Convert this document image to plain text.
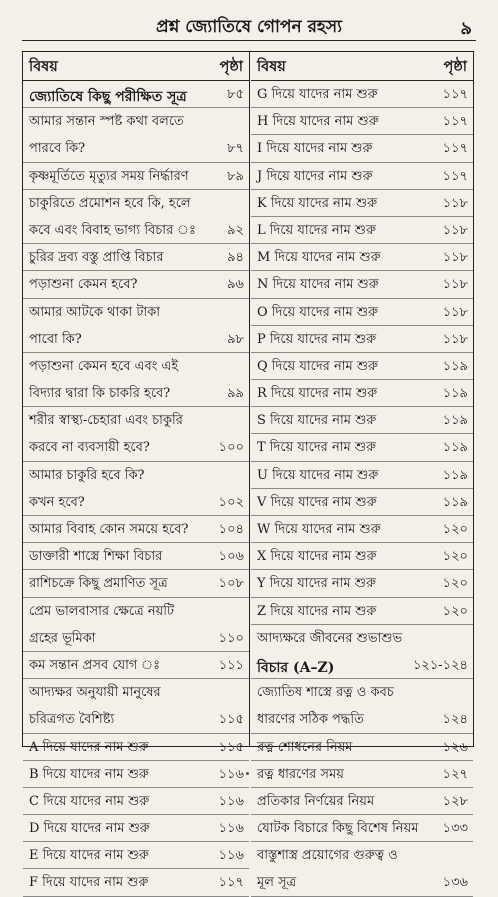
প্রশ্ন জ্যোতিষে গোপন রহস্য	৯
বিষয়	পৃষ্ঠা
জ্যোতিষে কিছু পরীক্ষিত সূত্র	৮৫
আমার সন্তান স্পষ্ট কথা বলতে
পারবে কি?	৮৭
কৃষ্ণমূর্তিতে মৃত্যুর সময় নির্দ্ধারণ	৮৯
চাকুরিতে প্রমোশন হবে কি, হলে
কবে এবং বিবাহ ভাগ্য বিচার ঃ ৯২
চুরির দ্রব্য বস্তু প্রাপ্তি বিচার	৯৪
পড়াশুনা কেমন হবে?	৯৬
আমার আটকে থাকা টাকা
পাবো কি?	৯৮
পড়াশুনা কেমন হবে এবং এই
বিদ্যার দ্বারা কি চাকরি হবে?	৯৯
শরীর স্বাস্থ্য-চেহারা এবং চাকুরি
করবে না ব্যবসায়ী হবে?	১০০
আমার চাকুরি হবে কি?
কখন হবে?	১০২
আমার বিবাহ কোন সময়ে হবে? ১০৪
ডাক্তারী শাস্ত্রে শিক্ষা বিচার	১০৬
রাশিচক্রে কিছু প্রমাণিত সূত্র	১০৮
প্রেম ভালবাসার ক্ষেত্রে নয়টি
গ্রহের ভূমিকা	১১০
কম সন্তান প্রসব যোগ ঃ	১১১
আদ্যক্ষর অনুযায়ী মানুষের
চরিত্রগত বৈশিষ্ট্য	১১৫
A দিয়ে যাদের নাম শুরু	১১৫
B দিয়ে যাদের নাম শুরু	১১৬
C দিয়ে যাদের নাম শুরু	১১৬
D দিয়ে যাদের নাম শুরু	১১৬
E দিয়ে যাদের নাম শুরু	১১৬
F দিয়ে যাদের নাম শুরু	১১৭
বিষয়	পৃষ্ঠা
G দিয়ে যাদের নাম শুরু	১১৭
H দিয়ে যাদের নাম শুরু	১১৭
I দিয়ে যাদের নাম শুরু	১১৭
J দিয়ে যাদের নাম শুরু	১১৭
K দিয়ে যাদের নাম শুরু	১১৮
L দিয়ে যাদের নাম শুরু	১১৮
M দিয়ে যাদের নাম শুরু	১১৮
N দিয়ে যাদের নাম শুরু	১১৮
O দিয়ে যাদের নাম শুরু	১১৮
P দিয়ে যাদের নাম শুরু	১১৮
Q দিয়ে যাদের নাম শুরু	১১৯
R দিয়ে যাদের নাম শুরু	১১৯
S দিয়ে যাদের নাম শুরু	১১৯
T দিয়ে যাদের নাম শুরু	১১৯
U দিয়ে যাদের নাম শুরু	১১৯
V দিয়ে যাদের নাম শুরু	১১৯
W দিয়ে যাদের নাম শুরু	১২০
X দিয়ে যাদের নাম শুরু	১২০
Y দিয়ে যাদের নাম শুরু	১২০
Z দিয়ে যাদের নাম শুরু	১২০
আদ্যক্ষরে জীবনের শুভাশুভ
বিচার (A–Z)	১২১-১২৪
জ্যোতিষ শাস্ত্রে রত্ন ও কবচ
ধারণের সঠিক পদ্ধতি	১২৪
রত্ন শোধনের নিয়ম	১২৬
রত্ন ধারণের সময়	১২৭
প্রতিকার নির্ণয়ের নিয়ম	১২৮
যোটক বিচারে কিছু বিশেষ নিয়ম ১৩৩
বাস্তুশাস্ত্র প্রয়োগের গুরুত্ব ও
মূল সূত্র	১৩৬
